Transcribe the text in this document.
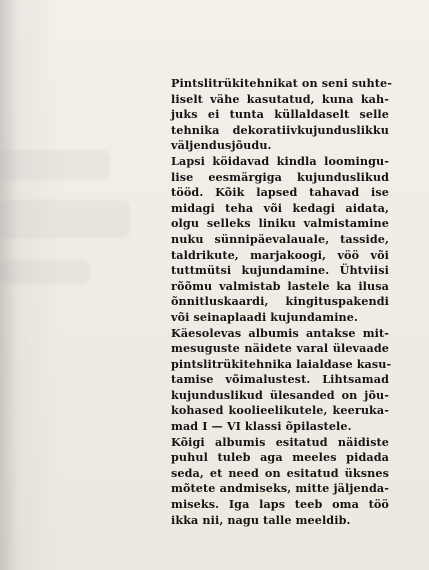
Pintslitrükitehnikat on seni suhte-
liselt vähe kasutatud, kuna kah-
juks ei tunta küllaldaselt selle
tehnika dekoratiivkujunduslikku
väljendusjõudu.
Lapsi köidavad kindla loomingu-
lise eesmärgiga kujunduslikud
tööd. Kõik lapsed tahavad ise
midagi teha või kedagi aidata,
olgu selleks liniku valmistamine
nuku sünnipäevalauale, tasside,
taldrikute, marjakoogi, vöö või
tuttmütsi kujundamine. Ühtviisi
rõõmu valmistab lastele ka ilusa
õnnitluskaardi, kingituspakendi
või seinaplaadi kujundamine.
Käesolevas albumis antakse mit-
mesuguste näidete varal ülevaade
pintslitrükitehnika laialdase kasu-
tamise võimalustest. Lihtsamad
kujunduslikud ülesanded on jõu-
kohased koolieelikutele, keeruka-
mad I — VI klassi õpilastele.
Kõigi albumis esitatud näidiste
puhul tuleb aga meeles pidada
seda, et need on esitatud üksnes
mõtete andmiseks, mitte jäljenda-
miseks. Iga laps teeb oma töö
ikka nii, nagu talle meeldib.
